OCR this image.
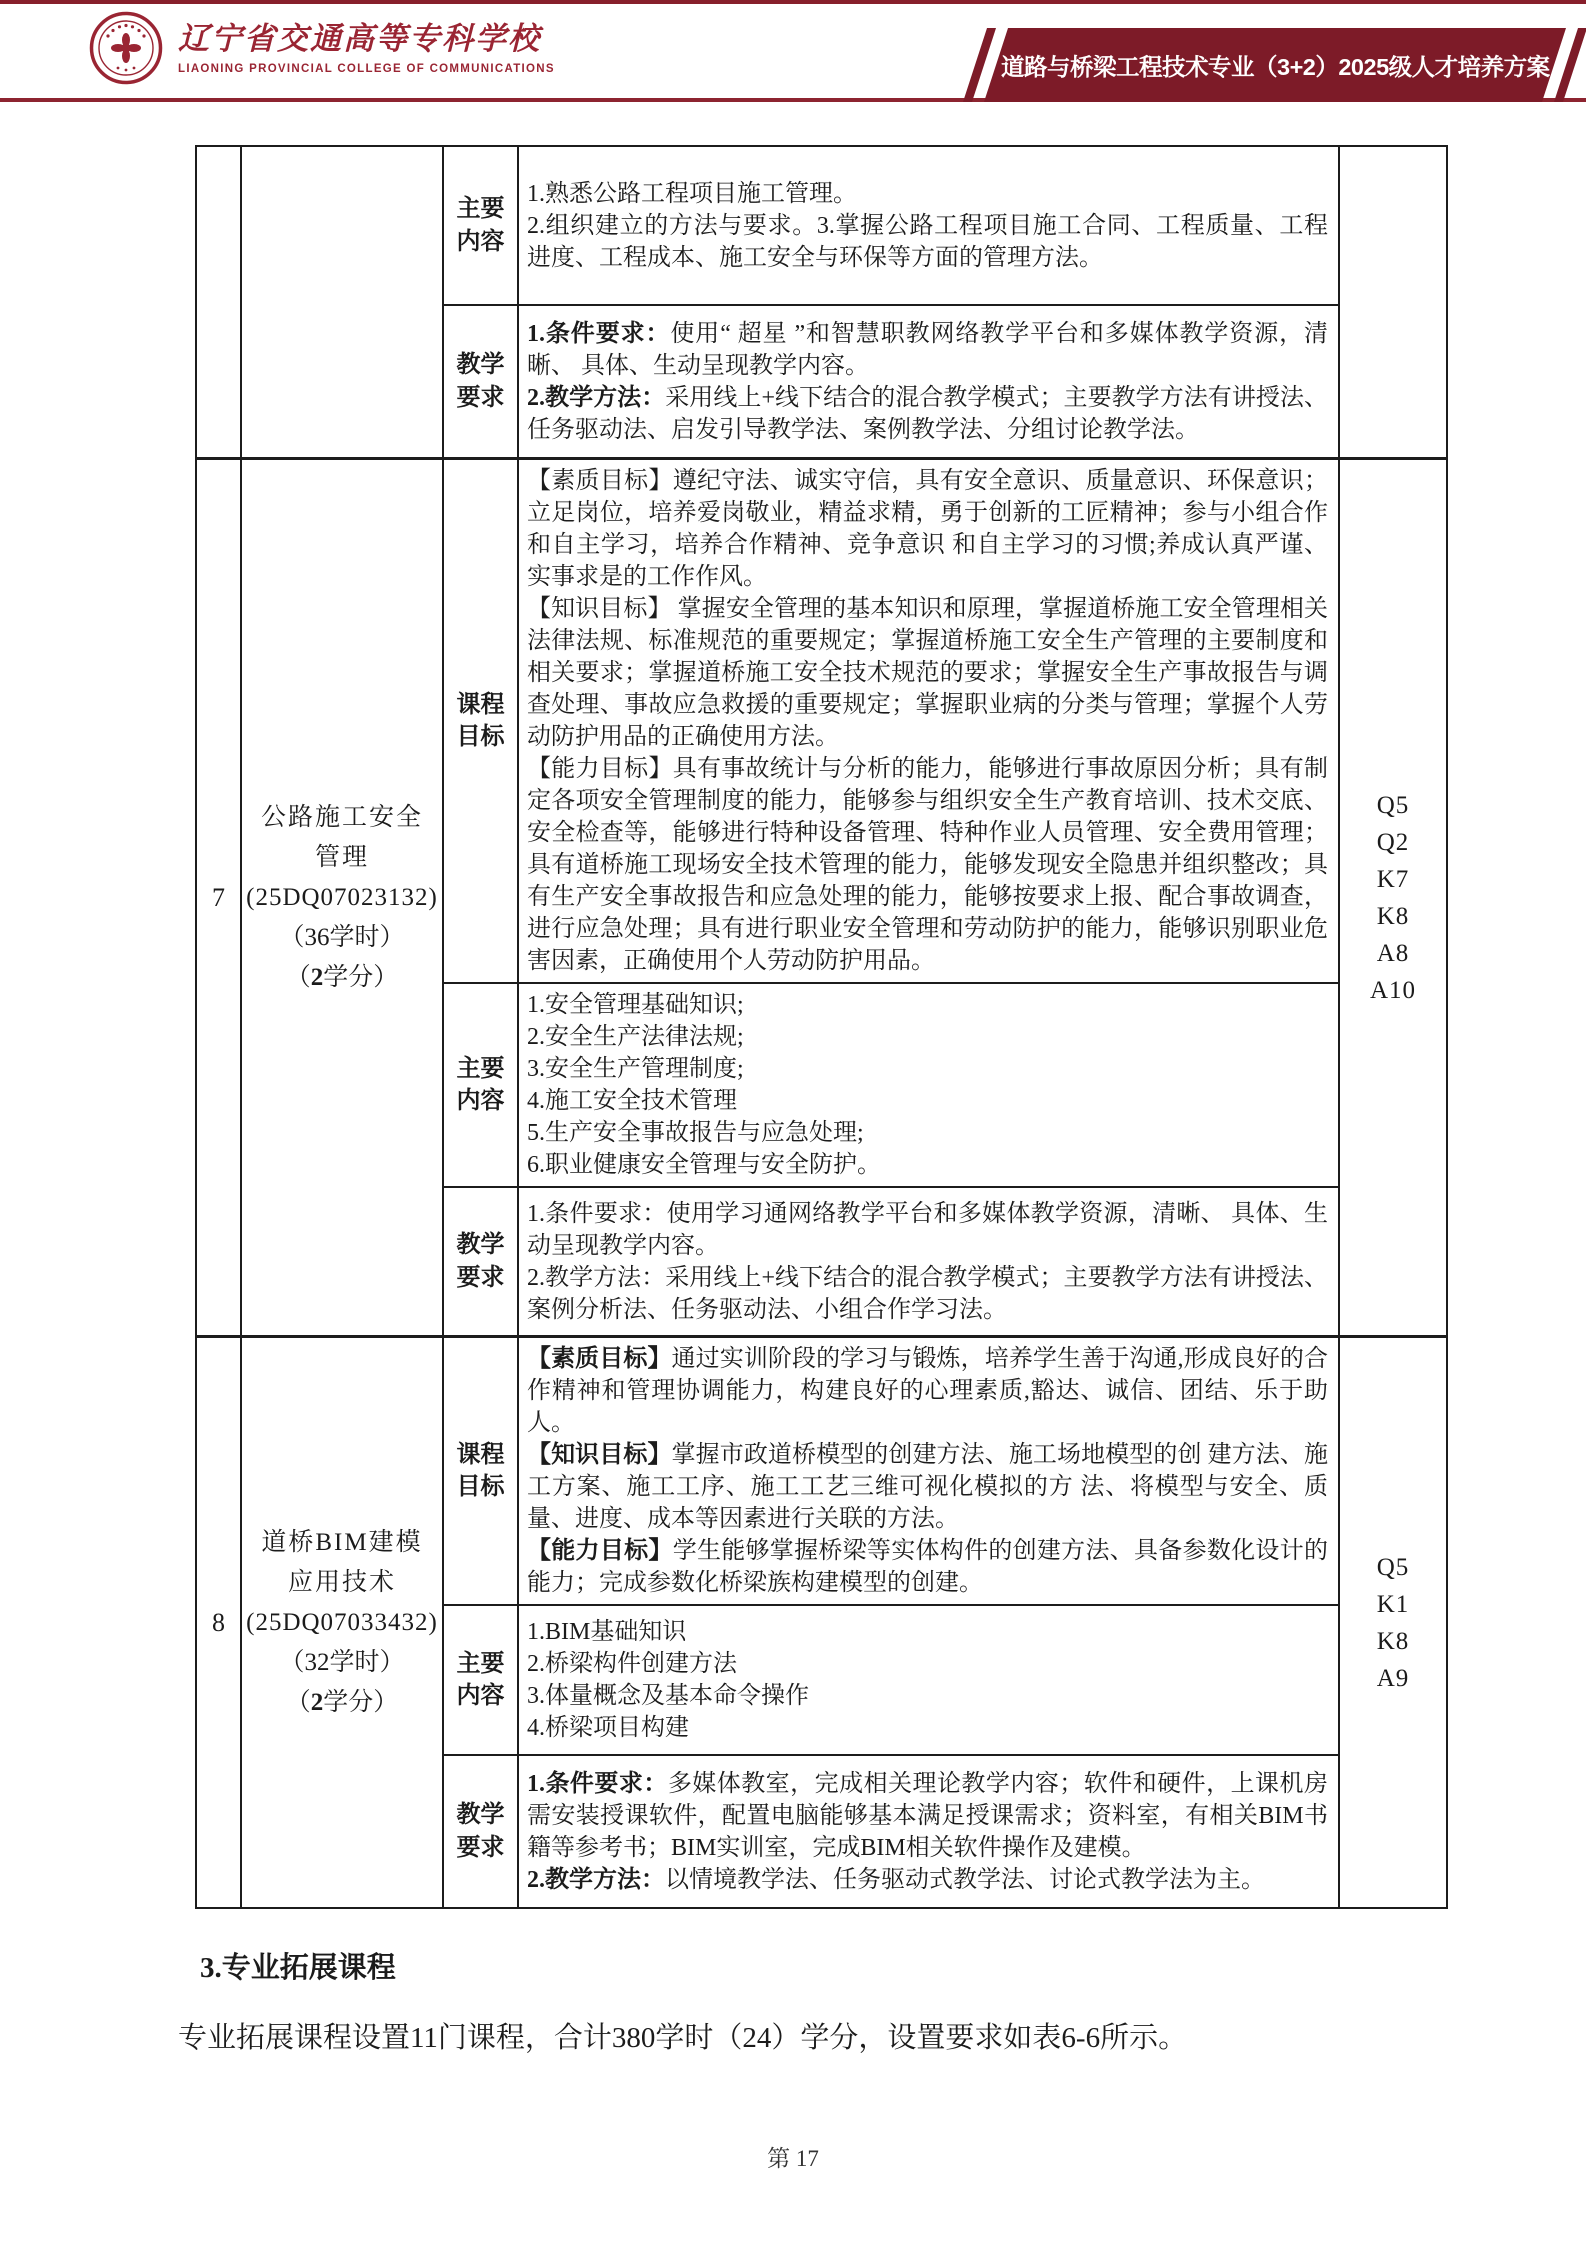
辽宁省交通高等专科学校
LIAONING PROVINCIAL COLLEGE OF COMMUNICATIONS	道路与桥梁工程技术专业（3+2）2025级人才培养方案
主要内容

1.熟悉公路工程项目施工管理。

2.组织建立的方法与要求。3.掌握公路工程项目施工合同、工程质量、工程进度、工程成本、施工安全与环保等方面的管理方法。

教学要求

1.条件要求：使用“ 超星 ”和智慧职教网络教学平台和多媒体教学资源，清晰、 具体、生动呈现教学内容。

2.教学方法：采用线上+线下结合的混合教学模式；主要教学方法有讲授法、任务驱动法、启发引导教学法、案例教学法、分组讨论教学法。

7
公路施工安全管理
(25DQ07023132)
（36学时）
（2学分）
课程目标

【素质目标】遵纪守法、诚实守信，具有安全意识、质量意识、环保意识；立足岗位，培养爱岗敬业，精益求精，勇于创新的工匠精神；参与小组合作和自主学习，培养合作精神、竞争意识 和自主学习的习惯;养成认真严谨、实事求是的工作作风。

【知识目标】 掌握安全管理的基本知识和原理，掌握道桥施工安全管理相关法律法规、标准规范的重要规定；掌握道桥施工安全生产管理的主要制度和相关要求；掌握道桥施工安全技术规范的要求；掌握安全生产事故报告与调查处理、事故应急救援的重要规定；掌握职业病的分类与管理；掌握个人劳动防护用品的正确使用方法。

【能力目标】具有事故统计与分析的能力，能够进行事故原因分析；具有制定各项安全管理制度的能力，能够参与组织安全生产教育培训、技术交底、安全检查等，能够进行特种设备管理、特种作业人员管理、安全费用管理；具有道桥施工现场安全技术管理的能力，能够发现安全隐患并组织整改；具有生产安全事故报告和应急处理的能力，能够按要求上报、配合事故调查，进行应急处理；具有进行职业安全管理和劳动防护的能力，能够识别职业危害因素，正确使用个人劳动防护用品。

主要内容

1.安全管理基础知识;

2.安全生产法律法规;

3.安全生产管理制度;

4.施工安全技术管理

5.生产安全事故报告与应急处理;

6.职业健康安全管理与安全防护。

教学要求

1.条件要求：使用学习通网络教学平台和多媒体教学资源，清晰、 具体、生动呈现教学内容。

2.教学方法：采用线上+线下结合的混合教学模式；主要教学方法有讲授法、案例分析法、任务驱动法、小组合作学习法。

Q5
Q2
K7
K8
A8
A10
8
道桥BIM建模应用技术
(25DQ07033432)
（32学时）
（2学分）
课程目标

【素质目标】通过实训阶段的学习与锻炼，培养学生善于沟通,形成良好的合作精神和管理协调能力，构建良好的心理素质,豁达、诚信、团结、乐于助人。

【知识目标】掌握市政道桥模型的创建方法、施工场地模型的创 建方法、施工方案、施工工序、施工工艺三维可视化模拟的方 法、将模型与安全、质量、进度、成本等因素进行关联的方法。

【能力目标】学生能够掌握桥梁等实体构件的创建方法、具备参数化设计的能力；完成参数化桥梁族构建模型的创建。

主要内容

1.BIM基础知识

2.桥梁构件创建方法

3.体量概念及基本命令操作

4.桥梁项目构建

教学要求

1.条件要求：多媒体教室，完成相关理论教学内容；软件和硬件，上课机房需安装授课软件，配置电脑能够基本满足授课需求；资料室，有相关BIM书籍等参考书；BIM实训室，完成BIM相关软件操作及建模。

2.教学方法：以情境教学法、任务驱动式教学法、讨论式教学法为主。

Q5
K1
K8
A9
3.专业拓展课程
专业拓展课程设置11门课程，合计380学时（24）学分，设置要求如表6-6所示。
第 17
